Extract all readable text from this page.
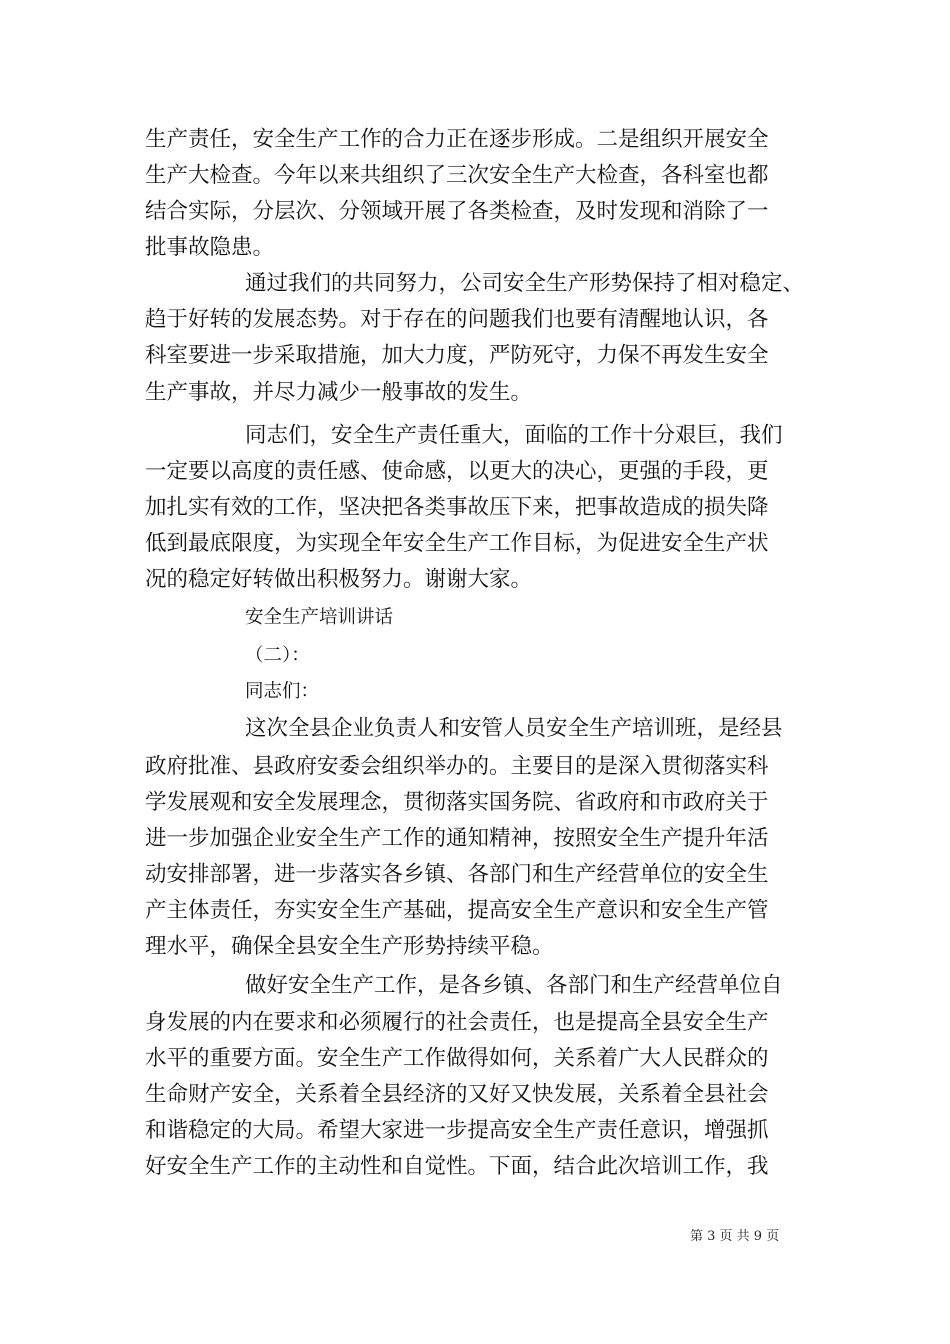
生产责任，安全生产工作的合力正在逐步形成。二是组织开展安全
生产大检查。今年以来共组织了三次安全生产大检查，各科室也都
结合实际，分层次、分领域开展了各类检查，及时发现和消除了一
批事故隐患。
通过我们的共同努力，公司安全生产形势保持了相对稳定、
趋于好转的发展态势。对于存在的问题我们也要有清醒地认识，各
科室要进一步采取措施，加大力度，严防死守，力保不再发生安全
生产事故，并尽力减少一般事故的发生。
同志们，安全生产责任重大，面临的工作十分艰巨，我们
一定要以高度的责任感、使命感，以更大的决心，更强的手段，更
加扎实有效的工作，坚决把各类事故压下来，把事故造成的损失降
低到最底限度，为实现全年安全生产工作目标，为促进安全生产状
况的稳定好转做出积极努力。谢谢大家。
安全生产培训讲话
（二）：
同志们：
这次全县企业负责人和安管人员安全生产培训班，是经县
政府批准、县政府安委会组织举办的。主要目的是深入贯彻落实科
学发展观和安全发展理念，贯彻落实国务院、省政府和市政府关于
进一步加强企业安全生产工作的通知精神，按照安全生产提升年活
动安排部署，进一步落实各乡镇、各部门和生产经营单位的安全生
产主体责任，夯实安全生产基础，提高安全生产意识和安全生产管
理水平，确保全县安全生产形势持续平稳。
做好安全生产工作，是各乡镇、各部门和生产经营单位自
身发展的内在要求和必须履行的社会责任，也是提高全县安全生产
水平的重要方面。安全生产工作做得如何，关系着广大人民群众的
生命财产安全，关系着全县经济的又好又快发展，关系着全县社会
和谐稳定的大局。希望大家进一步提高安全生产责任意识，增强抓
好安全生产工作的主动性和自觉性。下面，结合此次培训工作，我
第 3 页 共 9 页
